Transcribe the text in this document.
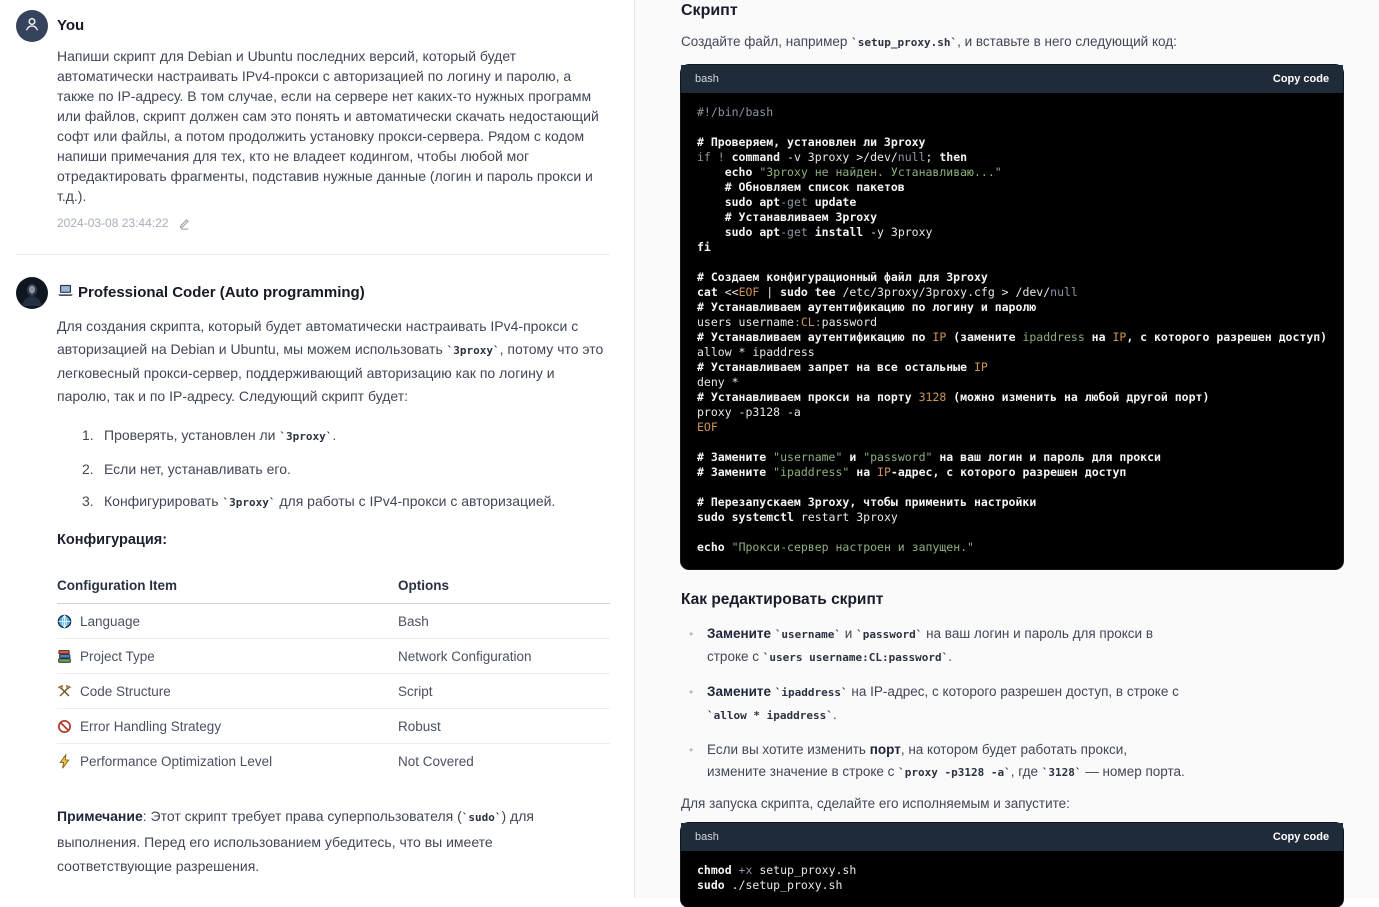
You

Напиши скрипт для Debian и Ubuntu последних версий, который будет автоматически настраивать IPv4-прокси с авторизацией по логину и паролю, а также по IP-адресу. В том случае, если на сервере нет каких-то нужных программ или файлов, скрипт должен сам это понять и автоматически скачать недостающий софт или файлы, а потом продолжить установку прокси-сервера. Рядом с кодом напиши примечания для тех, кто не владеет кодингом, чтобы любой мог отредактировать фрагменты, подставив нужные данные (логин и пароль прокси и т.д.).

2024-03-08 23:44:22
Professional Coder (Auto programming)

Для создания скрипта, который будет автоматически настраивать IPv4-прокси с авторизацией на Debian и Ubuntu, мы можем использовать `3proxy`, потому что это легковесный прокси-сервер, поддерживающий авторизацию как по логину и паролю, так и по IP-адресу. Следующий скрипт будет:

1. Проверять, установлен ли `3proxy`.
2. Если нет, устанавливать его.
3. Конфигурировать `3proxy` для работы с IPv4-прокси с авторизацией.
Конфигурация:
Configuration Item	Options
Language	Bash
Project Type	Network Configuration
Code Structure	Script
Error Handling Strategy	Robust
Performance Optimization Level	Not Covered

Примечание: Этот скрипт требует права суперпользователя (`sudo`) для выполнения. Перед его использованием убедитесь, что вы имеете соответствующие разрешения.

Скрипт

Создайте файл, например `setup_proxy.sh`, и вставьте в него следующий код:

bash	Copy code
#!/bin/bash

# Проверяем, установлен ли 3proxy
if ! command -v 3proxy >/dev/null; then
echo "3proxy не найден. Устанавливаю..."
# Обновляем список пакетов
sudo apt-get update
# Устанавливаем 3proxy
sudo apt-get install -y 3proxy
fi

# Создаем конфигурационный файл для 3proxy
cat <<EOF | sudo tee /etc/3proxy/3proxy.cfg > /dev/null
# Устанавливаем аутентификацию по логину и паролю
users username:CL:password
# Устанавливаем аутентификацию по IP (замените ipaddress на IP, с которого разрешен доступ)
allow * ipaddress
# Устанавливаем запрет на все остальные IP
deny *
# Устанавливаем прокси на порту 3128 (можно изменить на любой другой порт)
proxy -p3128 -a
EOF

# Замените "username" и "password" на ваш логин и пароль для прокси
# Замените "ipaddress" на IP-адрес, с которого разрешен доступ

# Перезапускаем 3proxy, чтобы применить настройки
sudo systemctl restart 3proxy

echo "Прокси-сервер настроен и запущен."
Как редактировать скрипт
• Замените `username` и `password` на ваш логин и пароль для прокси в строке с `users username:CL:password`.
• Замените `ipaddress` на IP-адрес, с которого разрешен доступ, в строке с `allow * ipaddress`.
• Если вы хотите изменить порт, на котором будет работать прокси, измените значение в строке с `proxy -p3128 -a`, где `3128` — номер порта.

Для запуска скрипта, сделайте его исполняемым и запустите:

bash	Copy code
chmod +x setup_proxy.sh
sudo ./setup_proxy.sh
